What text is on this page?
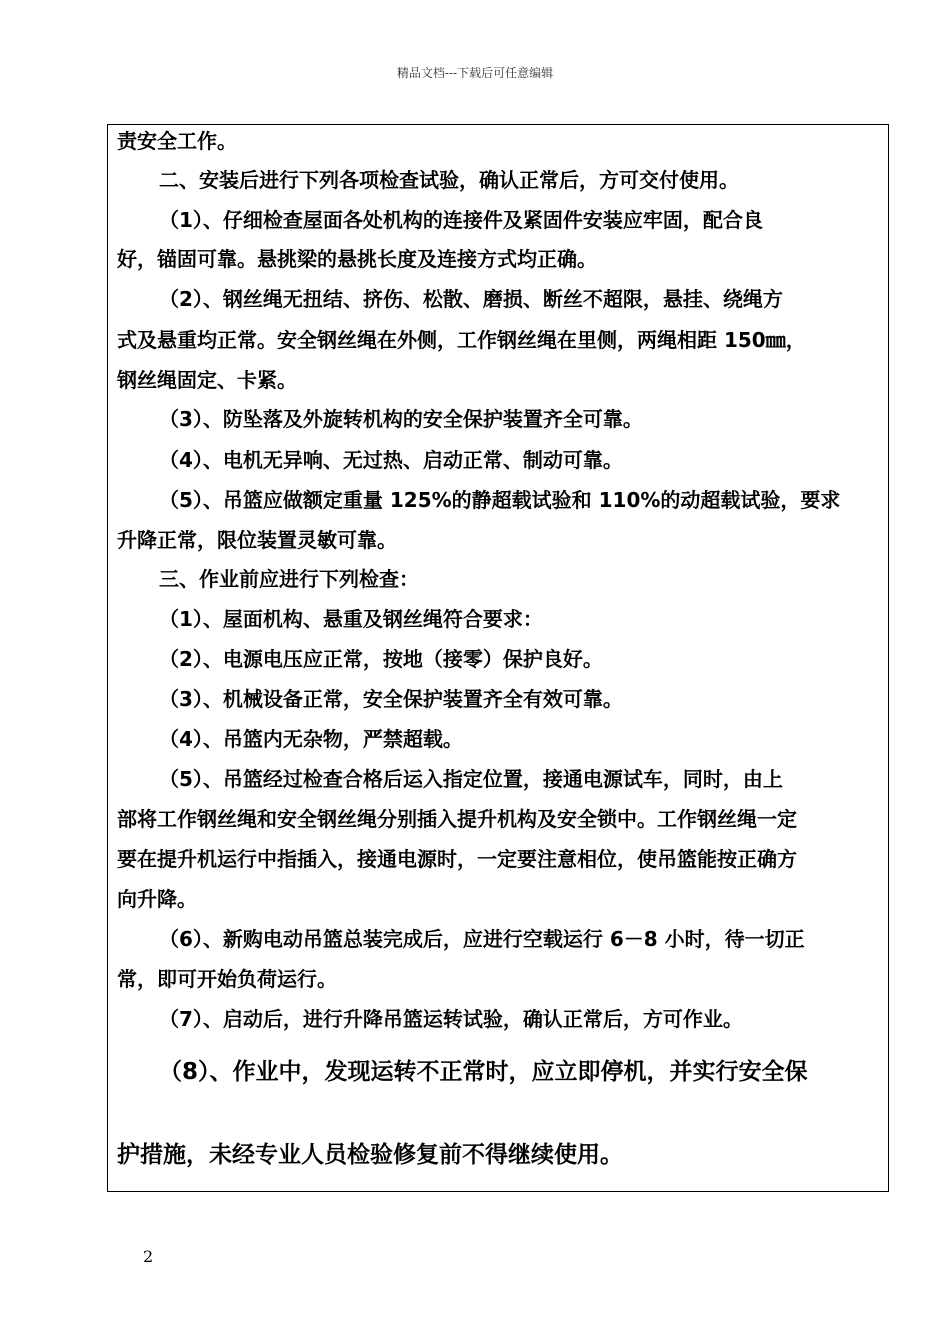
精品文档---下载后可任意编辑
责安全工作。
二、安装后进行下列各项检查试验，确认正常后，方可交付使用。
（1）、仔细检查屋面各处机构的连接件及紧固件安装应牢固，配合良
好，锚固可靠。悬挑梁的悬挑长度及连接方式均正确。
（2）、钢丝绳无扭结、挤伤、松散、磨损、断丝不超限，悬挂、绕绳方
式及悬重均正常。安全钢丝绳在外侧，工作钢丝绳在里侧，两绳相距 150㎜，
钢丝绳固定、卡紧。
（3）、防坠落及外旋转机构的安全保护装置齐全可靠。
（4）、电机无异响、无过热、启动正常、制动可靠。
（5）、吊篮应做额定重量 125%的静超载试验和 110%的动超载试验，要求
升降正常，限位装置灵敏可靠。
三、作业前应进行下列检查：
（1）、屋面机构、悬重及钢丝绳符合要求：
（2）、电源电压应正常，按地（接零）保护良好。
（3）、机械设备正常，安全保护装置齐全有效可靠。
（4）、吊篮内无杂物，严禁超载。
（5）、吊篮经过检查合格后运入指定位置，接通电源试车，同时，由上
部将工作钢丝绳和安全钢丝绳分别插入提升机构及安全锁中。工作钢丝绳一定
要在提升机运行中指插入，接通电源时，一定要注意相位，使吊篮能按正确方
向升降。
（6）、新购电动吊篮总装完成后，应进行空载运行 6－8 小时，待一切正
常，即可开始负荷运行。
（7）、启动后，进行升降吊篮运转试验，确认正常后，方可作业。
（8）、作业中，发现运转不正常时，应立即停机，并实行安全保
护措施，未经专业人员检验修复前不得继续使用。
2
